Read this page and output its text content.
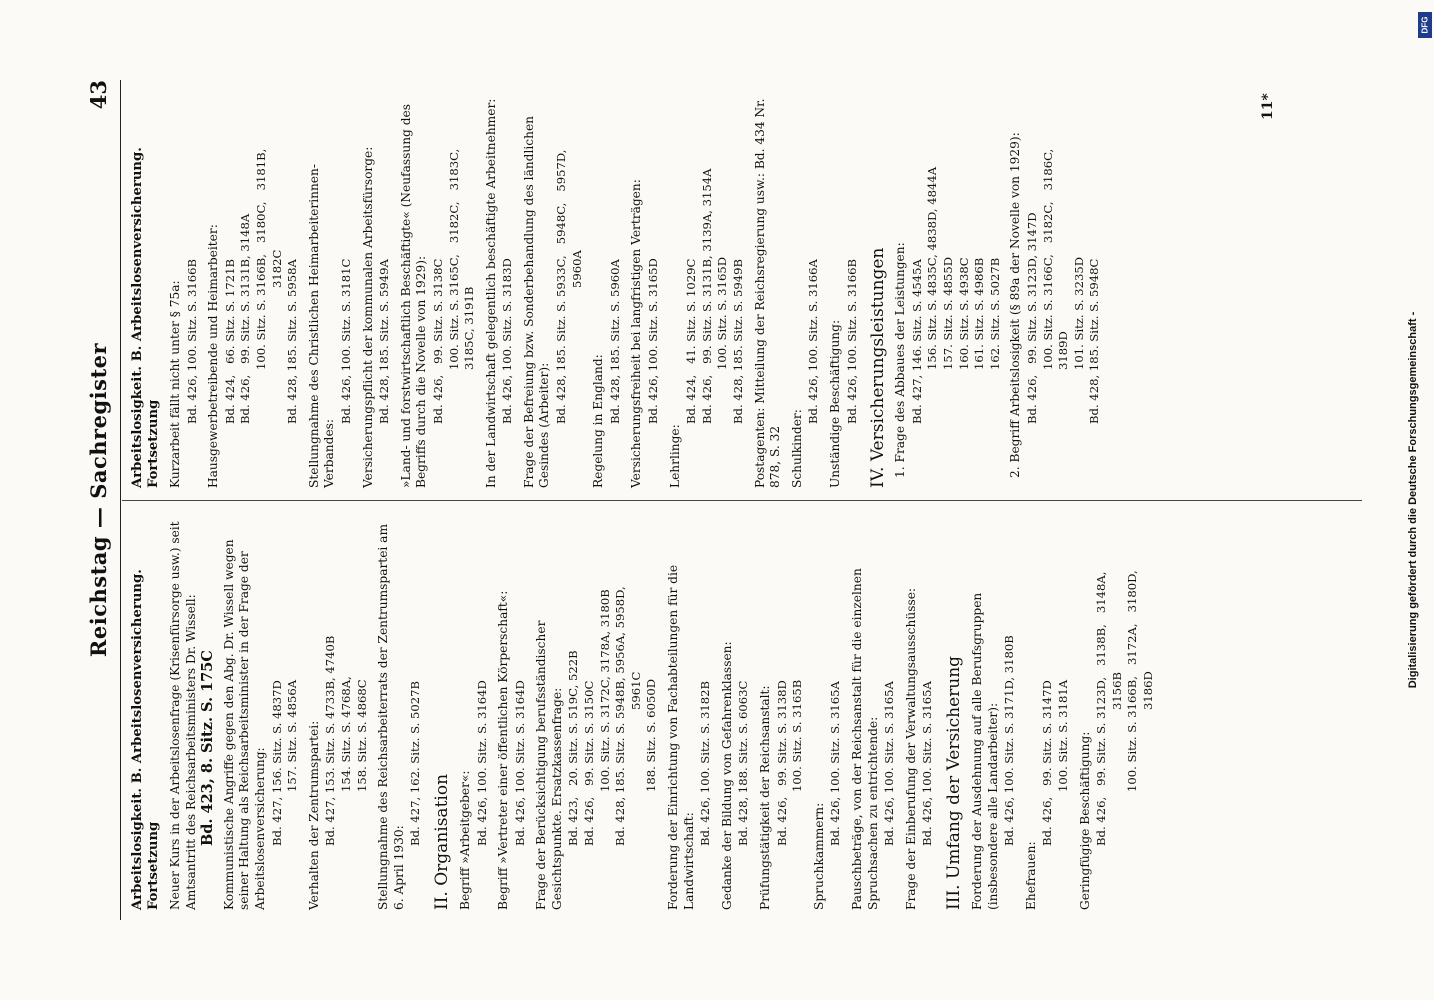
Reichstag — Sachregister
43
Arbeitslosigkeit. B. Arbeitslosenversicherung. Fortsetzung Neuer Kurs in der Arbeitslosenfrage (Krisenfürsorge usw.) seit Amtsantritt des Reichsarbeitsministers Dr. Wissell: Bd. 423, 8. Sitz. S. 175C Kommunistische Angriffe gegen den Abg. Dr. Wissell wegen seiner Haltung als Reichsarbeitsminister in der Frage der Arbeitslosenversicherung: Bd. 427, 156. Sitz. S. 4837D 157. Sitz. S. 4856A Verhalten der Zentrumspartei: Bd. 427, 153. Sitz. S. 4733B, 4740B 154. Sitz. S. 4768A, 158. Sitz. S. 4868C Stellungnahme des Reichsarbeiterrats der Zentrumspartei am 6. April 1930:
Bd. 427, 162. Sitz. S. 5027B II. Organisation Begriff »Arbeitgeber«: Bd. 426, 100. Sitz. S. 3164D Begriff »Vertreter einer öffentlichen Körperschaft«: Bd. 426, 100. Sitz. S. 3164D Frage der Berücksichtigung berufsständischer Gesichtspunkte. Ersatzkassenfrage: Bd. 423,   20. Sitz. S. 519C, 522B Bd. 426,   99. Sitz. S. 3150C 100. Sitz. S. 3172C, 3178A, 3180B Bd. 428, 185. Sitz. S. 5948B, 5956A, 5958D, 5961C 188. Sitz. S. 6050D Forderung der Einrichtung von Fachabteilungen für die Landwirtschaft:
Bd. 426, 100. Sitz. S. 3182B Gedanke der Bildung von Gefahrenklassen: Bd. 428, 188. Sitz. S. 6063C Prüfungstätigkeit der Reichsanstalt: Bd. 426,   99. Sitz. S. 3138D 100. Sitz. S. 3165B
Spruchkammern:
Bd. 426, 100. Sitz. S. 3165A Pauschbeträge, von der Reichsanstalt für die einzelnen Spruchsachen zu entrichtende: Bd. 426, 100. Sitz. S. 3165A Frage der Einberufung der Verwaltungsausschüsse: Bd. 426, 100. Sitz. S. 3165A III. Umfang der Versicherung Forderung der Ausdehnung auf alle Berufsgruppen (insbesondere alle Landarbeiter): Bd. 426, 100. Sitz. S. 3171D, 3180B
Ehefrauen:
Bd. 426,   99. Sitz. S. 3147D 100. Sitz. S. 3181A Geringfügige Beschäftigung: Bd. 426,   99. Sitz. S. 3123D,   3138B,   3148A, 3156B 100. Sitz. S. 3166B,   3172A,   3180D, 3186D
Arbeitslosigkeit. B. Arbeitslosenversicherung. Fortsetzung Kurzarbeit fällt nicht unter § 75a: Bd. 426, 100. Sitz. S. 3166B Hausgewerbetreibende und Heimarbeiter: Bd. 424,   66. Sitz. S. 1721B Bd. 426,   99. Sitz. S. 3131B, 3148A 100. Sitz. S. 3166B,   3180C,   3181B, 3182C Bd. 428, 185. Sitz. S. 5958A Stellungnahme des Christlichen Heimarbeiterinnen-Verbandes:
Bd. 426, 100. Sitz. S. 3181C Versicherungspflicht der kommunalen Arbeitsfürsorge: Bd. 428, 185. Sitz. S. 5949A »Land- und forstwirtschaftlich Beschäftigte« (Neufassung des Begriffs durch die Novelle von 1929): Bd. 426,   99. Sitz. S. 3138C 100. Sitz. S. 3165C,   3182C,   3183C, 3185C, 3191B In der Landwirtschaft gelegentlich beschäftigte Arbeitnehmer: Bd. 426, 100. Sitz. S. 3183D Frage der Befreiung bzw. Sonderbehandlung des ländlichen Gesindes (Arbeiter):
Bd. 428, 185. Sitz. S. 5933C,   5948C,   5957D, 5960A
Regelung in England: Bd. 428, 185. Sitz. S. 5960A Versicherungsfreiheit bei langfristigen Verträgen: Bd. 426, 100. Sitz. S. 3165D
Lehrlinge:
Bd. 424,   41. Sitz. S. 1029C Bd. 426,   99. Sitz. S. 3131B, 3139A, 3154A 100. Sitz. S. 3165D Bd. 428, 185. Sitz. S. 5949B Postagenten: Mitteilung der Reichsregierung usw.: Bd. 434 Nr. 878, S. 32 Schulkinder:
Bd. 426, 100. Sitz. S. 3166A Unständige Beschäftigung: Bd. 426, 100. Sitz. S. 3166B IV. Versicherungsleistungen 1. Frage des Abbaues der Leistungen: Bd. 427, 146. Sitz. S. 4545A 156. Sitz. S. 4835C, 4838D, 4844A 157. Sitz. S. 4855D 160. Sitz. S. 4938C 161. Sitz. S. 4986B 162. Sitz. S. 5027B 2. Begriff Arbeitslosigkeit (§ 89a der Novelle von 1929): Bd. 426,   99. Sitz. S. 3123D, 3147D 100. Sitz. S. 3166C,   3182C,   3186C, 3189D 101. Sitz. S. 3235D Bd. 428, 185. Sitz. S. 5948C
11*
Digitalisierung gefördert durch die Deutsche Forschungsgemeinschaft -
DFG
